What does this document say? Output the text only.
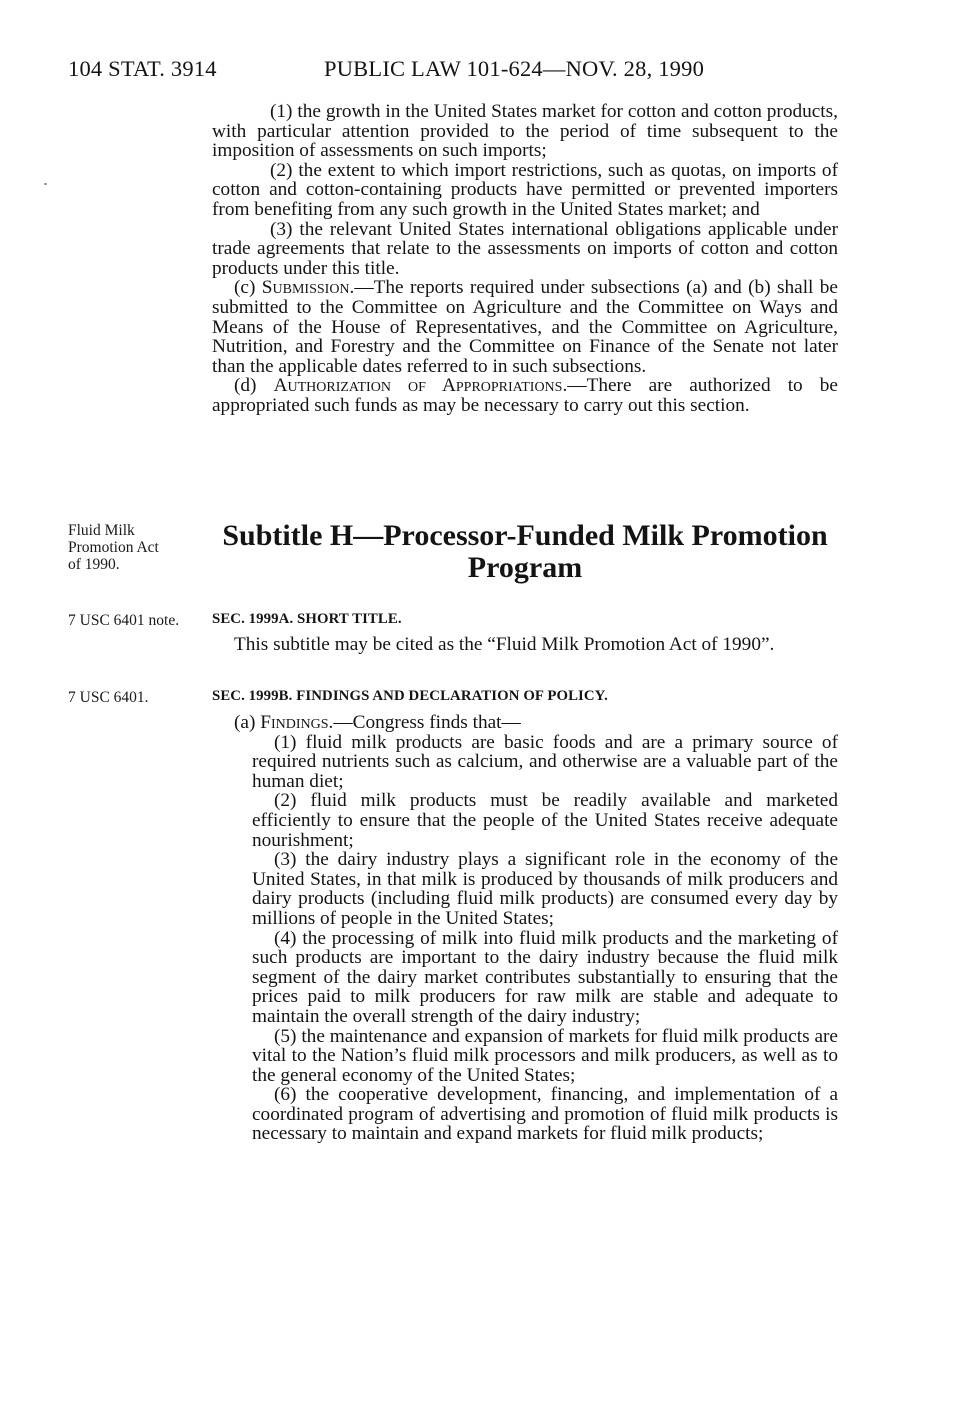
104 STAT. 3914	PUBLIC LAW 101-624—NOV. 28, 1990

(1) the growth in the United States market for cotton and cotton products, with particular attention provided to the period of time subsequent to the imposition of assessments on such imports;

(2) the extent to which import restrictions, such as quotas, on imports of cotton and cotton-containing products have permitted or prevented importers from benefiting from any such growth in the United States market; and

(3) the relevant United States international obligations applicable under trade agreements that relate to the assessments on imports of cotton and cotton products under this title.

(c) Submission.—The reports required under subsections (a) and (b) shall be submitted to the Committee on Agriculture and the Committee on Ways and Means of the House of Representatives, and the Committee on Agriculture, Nutrition, and Forestry and the Committee on Finance of the Senate not later than the applicable dates referred to in such subsections.

(d) Authorization of Appropriations.—There are authorized to be appropriated such funds as may be necessary to carry out this section.

Fluid Milk
Promotion Act
of 1990.
Subtitle H—Processor-Funded Milk Promotion
Program
7 USC 6401 note. SEC. 1999A. SHORT TITLE.

This subtitle may be cited as the “Fluid Milk Promotion Act of 1990”.

7 USC 6401.	SEC. 1999B. FINDINGS AND DECLARATION OF POLICY.

(a) Findings.—Congress finds that—

(1) fluid milk products are basic foods and are a primary source of required nutrients such as calcium, and otherwise are a valuable part of the human diet;

(2) fluid milk products must be readily available and marketed efficiently to ensure that the people of the United States receive adequate nourishment;

(3) the dairy industry plays a significant role in the economy of the United States, in that milk is produced by thousands of milk producers and dairy products (including fluid milk products) are consumed every day by millions of people in the United States;

(4) the processing of milk into fluid milk products and the marketing of such products are important to the dairy industry because the fluid milk segment of the dairy market contributes substantially to ensuring that the prices paid to milk producers for raw milk are stable and adequate to maintain the overall strength of the dairy industry;

(5) the maintenance and expansion of markets for fluid milk products are vital to the Nation’s fluid milk processors and milk producers, as well as to the general economy of the United States;

(6) the cooperative development, financing, and implementation of a coordinated program of advertising and promotion of fluid milk products is necessary to maintain and expand markets for fluid milk products;
